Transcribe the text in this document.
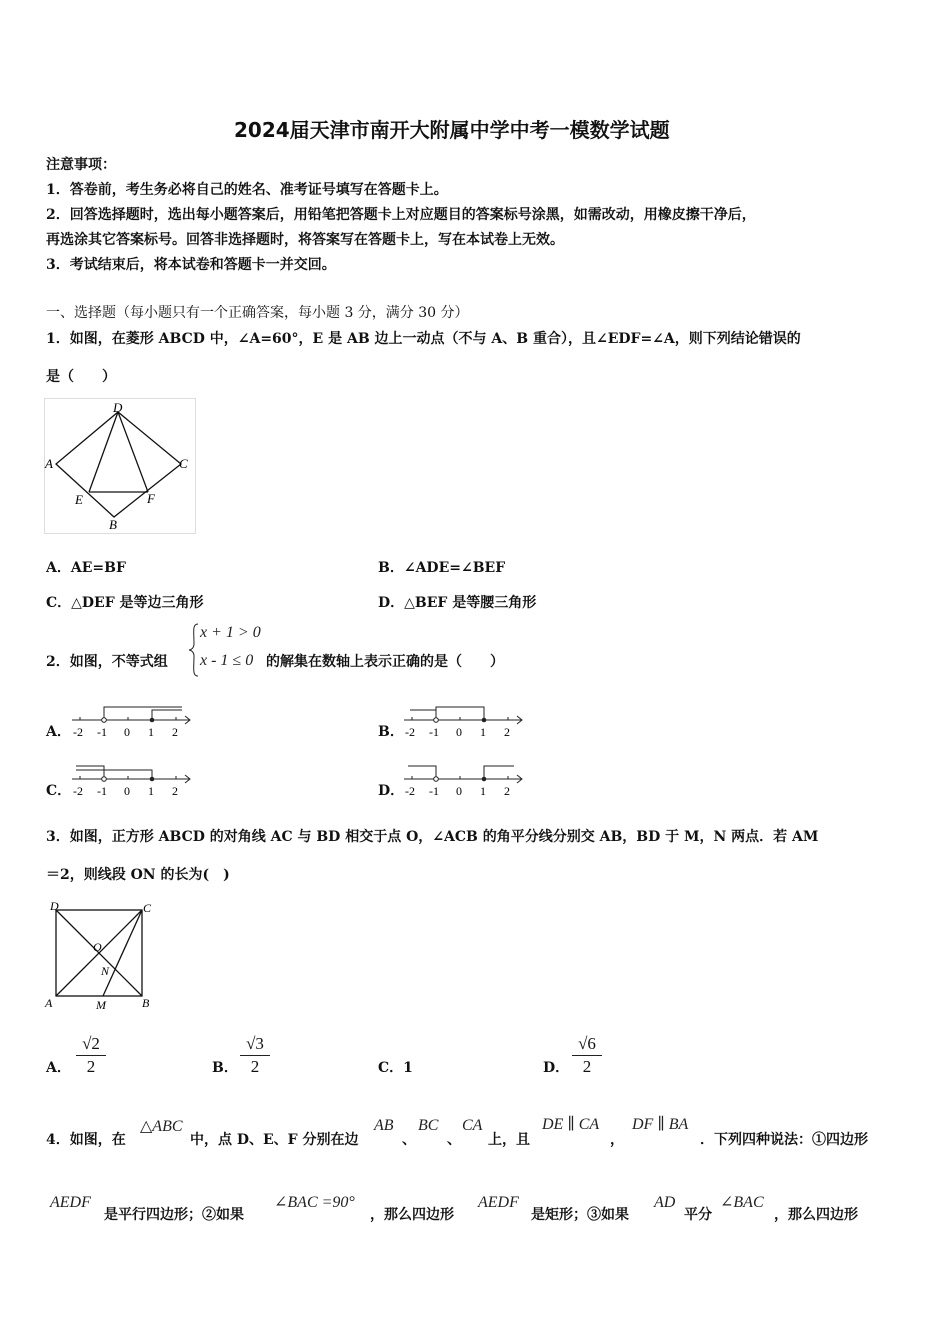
2024届天津市南开大附属中学中考一模数学试题
注意事项：
1．答卷前，考生务必将自己的姓名、准考证号填写在答题卡上。
2．回答选择题时，选出每小题答案后，用铅笔把答题卡上对应题目的答案标号涂黑，如需改动，用橡皮擦干净后，
再选涂其它答案标号。回答非选择题时，将答案写在答题卡上，写在本试卷上无效。
3．考试结束后，将本试卷和答题卡一并交回。
一、选择题（每小题只有一个正确答案，每小题 3 分，满分 30 分）
1．如图，在菱形 ABCD 中，∠A=60°，E 是 AB 边上一动点（不与 A、B 重合），且∠EDF=∠A，则下列结论错误的
是（　　）
D
A	C
E	F
B
A．AE=BF	B．∠ADE=∠BEF
C．△DEF 是等边三角形	D．△BEF 是等腰三角形
2．如图，不等式组
x + 1 > 0
x - 1 ≤ 0 的解集在数轴上表示正确的是（　　）
A．	B．
C．	D．
-2 -1 0 1 2	-2 -1 0 1 2
-2 -1 0 1 2	-2 -1 0 1 2
3．如图，正方形 ABCD 的对角线 AC 与 BD 相交于点 O，∠ACB 的角平分线分别交 AB，BD 于 M，N 两点．若 AM
＝2，则线段 ON 的长为(　)
D	C
O
N
A	M	B
A．
√2
2	B．
√3
2	C．1	D．
√6
2
4．如图，在
△ABC
中，点 D、E、F 分别在边
AB
、
BC
、
CA
上，且
DE ∥ CA
，
DF ∥ BA
．下列四种说法：①四边形
AEDF
是平行四边形；②如果
∠BAC =90°
，那么四边形
AEDF
是矩形；③如果
AD
平分
∠BAC
，那么四边形
